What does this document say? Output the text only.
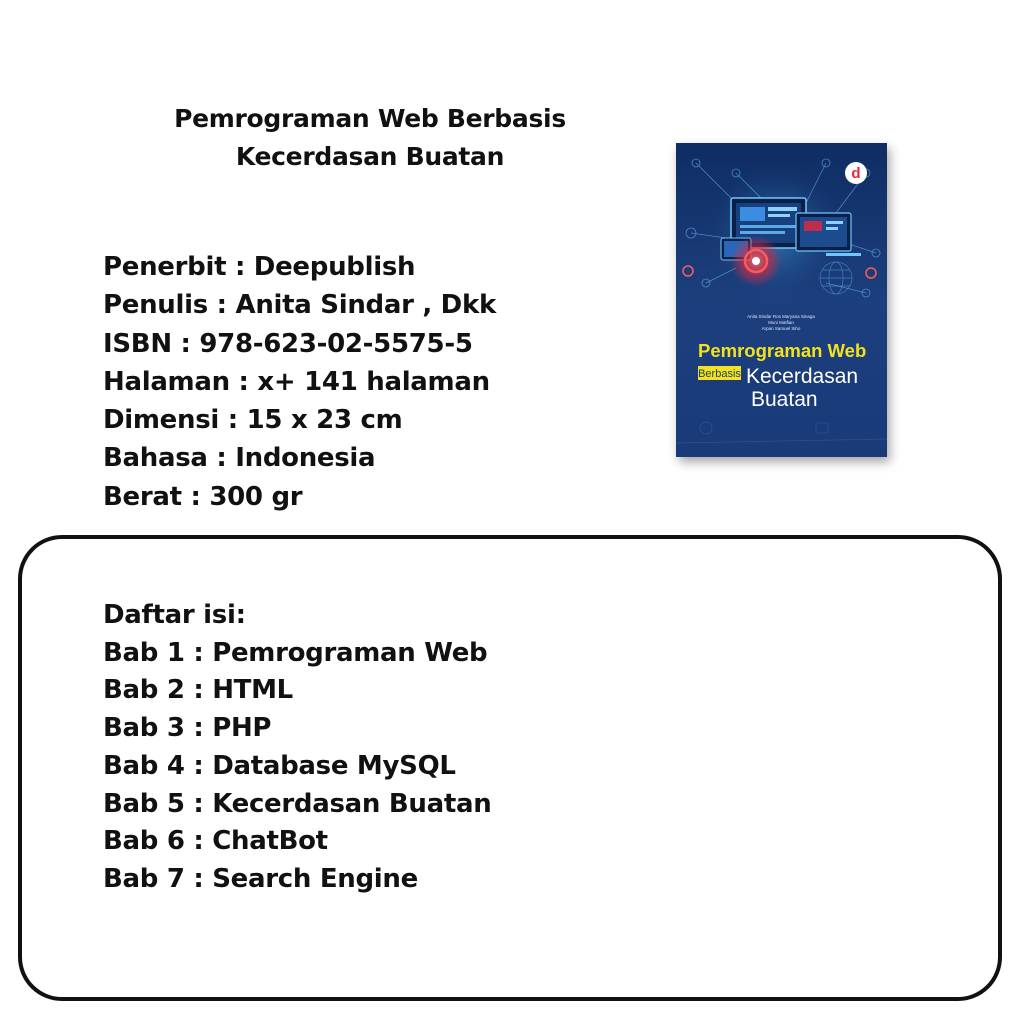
Pemrograman Web Berbasis
Kecerdasan Buatan
Penerbit : Deepublish
Penulis : Anita Sindar , Dkk
ISBN : 978-623-02-5575-5
Halaman : x+ 141 halaman
Dimensi : 15 x 23 cm
Bahasa : Indonesia
Berat : 300 gr
d
Anita Sindar Ros Maryana Sinaga
Muni Matfian
Arpan Samuel Siho
Pemrograman Web
Berbasis Kecerdasan
Buatan
Daftar isi:
Bab 1 : Pemrograman Web
Bab 2 : HTML
Bab 3 : PHP
Bab 4 : Database MySQL
Bab 5 : Kecerdasan Buatan
Bab 6 : ChatBot
Bab 7 : Search Engine
